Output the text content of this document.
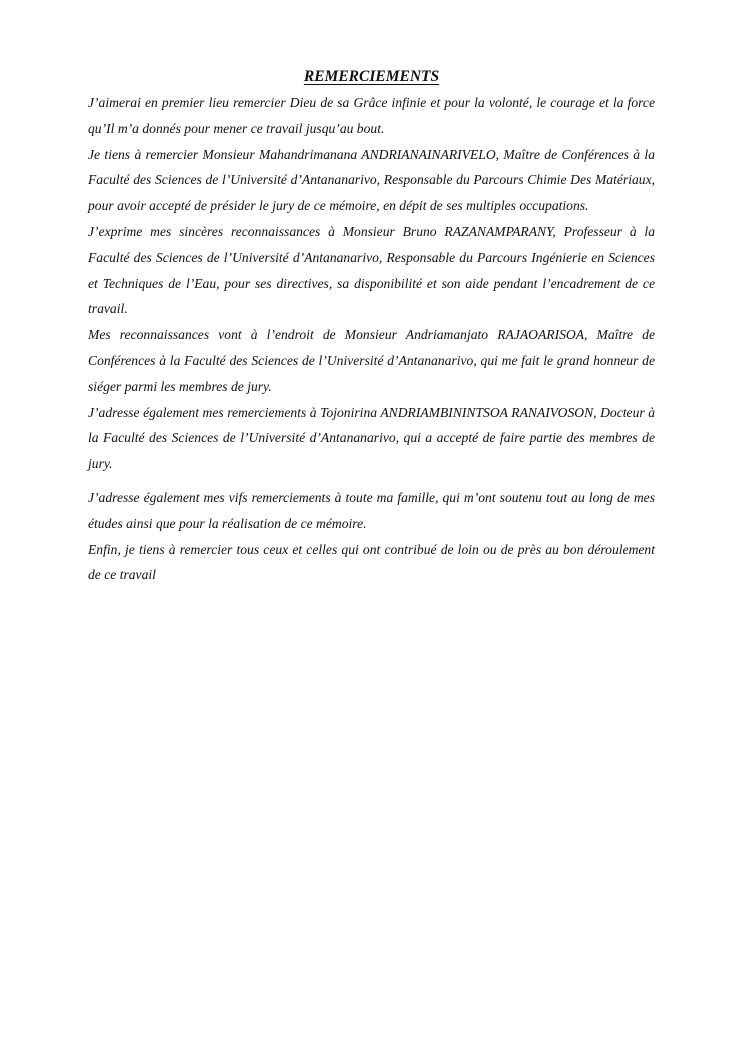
REMERCIEMENTS

J’aimerai en premier lieu remercier Dieu de sa Grâce infinie et pour la volonté, le courage et la force qu’Il m’a donnés pour mener ce travail jusqu’au bout.

Je tiens à remercier Monsieur Mahandrimanana ANDRIANAINARIVELO, Maître de Conférences à la Faculté des Sciences de l’Université d’Antananarivo, Responsable du Parcours Chimie Des Matériaux, pour avoir accepté de présider le jury de ce mémoire, en dépit de ses multiples occupations.

J’exprime mes sincères reconnaissances à Monsieur Bruno RAZANAMPARANY, Professeur à la Faculté des Sciences de l’Université d’Antananarivo, Responsable du Parcours Ingénierie en Sciences et Techniques de l’Eau, pour ses directives, sa disponibilité et son aide pendant l’encadrement de ce travail.

Mes reconnaissances vont à l’endroit de Monsieur Andriamanjato RAJAOARISOA, Maître de Conférences à la Faculté des Sciences de l’Université d’Antananarivo, qui me fait le grand honneur de siéger parmi les membres de jury.

J’adresse également mes remerciements à Tojonirina ANDRIAMBININTSOA RANAIVOSON, Docteur à la Faculté des Sciences de l’Université d’Antananarivo, qui a accepté de faire partie des membres de jury.

J’adresse également mes vifs remerciements à toute ma famille, qui m’ont soutenu tout au long de mes études ainsi que pour la réalisation de ce mémoire.

Enfin, je tiens à remercier tous ceux et celles qui ont contribué de loin ou de près au bon déroulement de ce travail
